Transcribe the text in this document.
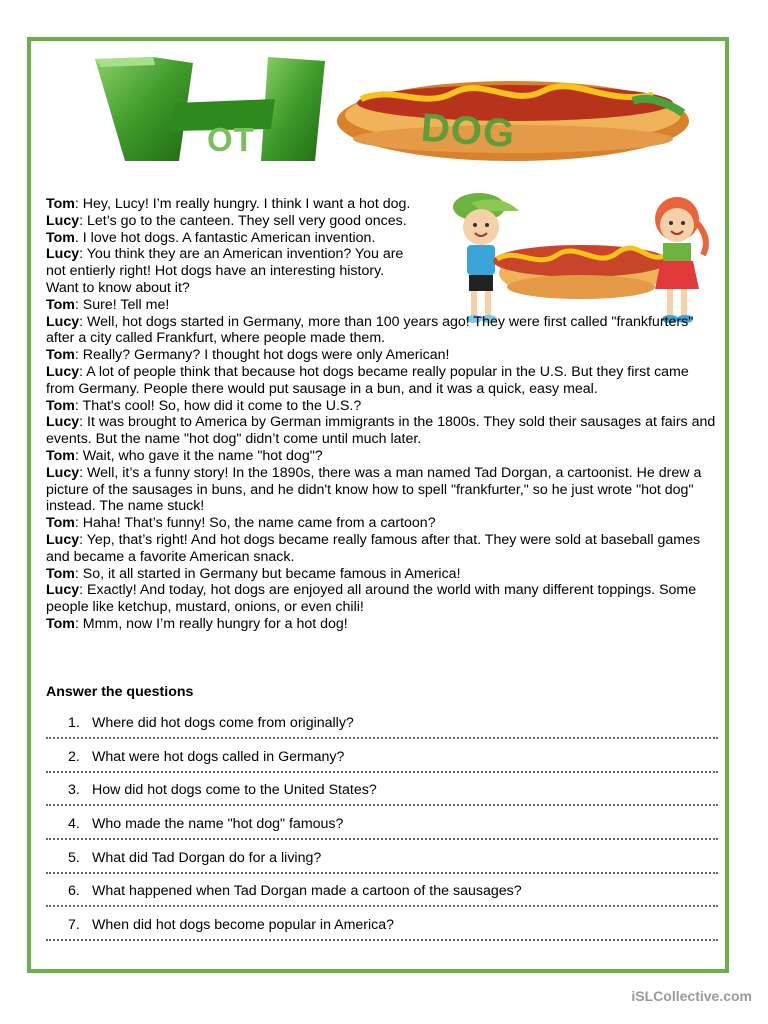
OT	DOG

Tom: Hey, Lucy! I’m really hungry. I think I want a hot dog.

Lucy: Let’s go to the canteen. They sell very good onces.

Tom. I love hot dogs. A fantastic American invention.

Lucy: You think they are an American invention? You are not entierly right! Hot dogs have an interesting history. Want to know about it?

Tom: Sure! Tell me!

Lucy: Well, hot dogs started in Germany, more than 100 years ago! They were first called "frankfurters" after a city called Frankfurt, where people made them.

Tom: Really? Germany? I thought hot dogs were only American!

Lucy: A lot of people think that because hot dogs became really popular in the U.S. But they first came from Germany. People there would put sausage in a bun, and it was a quick, easy meal.

Tom: That's cool! So, how did it come to the U.S.?

Lucy: It was brought to America by German immigrants in the 1800s. They sold their sausages at fairs and events. But the name "hot dog" didn’t come until much later.

Tom: Wait, who gave it the name "hot dog"?

Lucy: Well, it’s a funny story! In the 1890s, there was a man named Tad Dorgan, a cartoonist. He drew a picture of the sausages in buns, and he didn't know how to spell "frankfurter," so he just wrote "hot dog" instead. The name stuck!

Tom: Haha! That’s funny! So, the name came from a cartoon?

Lucy: Yep, that’s right! And hot dogs became really famous after that. They were sold at baseball games and became a favorite American snack.

Tom: So, it all started in Germany but became famous in America!

Lucy: Exactly! And today, hot dogs are enjoyed all around the world with many different toppings. Some people like ketchup, mustard, onions, or even chili!

Tom: Mmm, now I’m really hungry for a hot dog!

Answer the questions
1. Where did hot dogs come from originally?
2. What were hot dogs called in Germany?
3. How did hot dogs come to the United States?
4. Who made the name "hot dog" famous?
5. What did Tad Dorgan do for a living?
6. What happened when Tad Dorgan made a cartoon of the sausages?
7. When did hot dogs become popular in America?
iSLCollective.com
